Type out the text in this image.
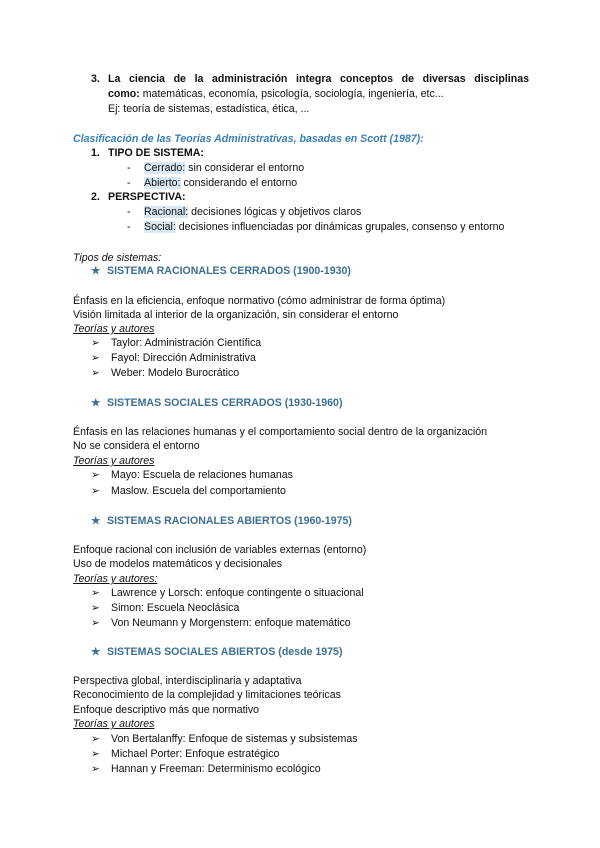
3. La ciencia de la administración integra conceptos de diversas disciplinas
como: matemáticas, economía, psicología, sociología, ingeniería, etc...
Ej: teoría de sistemas, estadística, ética, ...
Clasificación de las Teorías Administrativas, basadas en Scott (1987):
1. TIPO DE SISTEMA:
- Cerrado: sin considerar el entorno
- Abierto: considerando el entorno
2. PERSPECTIVA:
- Racional: decisiones lógicas y objetivos claros
- Social: decisiones influenciadas por dinámicas grupales, consenso y entorno
Tipos de sistemas:
★ SISTEMA RACIONALES CERRADOS (1900-1930)
Énfasis en la eficiencia, enfoque normativo (cómo administrar de forma óptima)
Visión limitada al interior de la organización, sin considerar el entorno
Teorías y autores
➢ Taylor: Administración Científica
➢ Fayol: Dirección Administrativa
➢ Weber: Modelo Burocrático
★ SISTEMAS SOCIALES CERRADOS (1930-1960)
Énfasis en las relaciones humanas y el comportamiento social dentro de la organización
No se considera el entorno
Teorías y autores
➢ Mayo: Escuela de relaciones humanas
➢ Maslow. Escuela del comportamiento
★ SISTEMAS RACIONALES ABIERTOS (1960-1975)
Enfoque racional con inclusión de variables externas (entorno)
Uso de modelos matemáticos y decisionales
Teorías y autores:
➢ Lawrence y Lorsch: enfoque contingente o situacional
➢ Simon: Escuela Neoclásica
➢ Von Neumann y Morgenstern: enfoque matemático
★ SISTEMAS SOCIALES ABIERTOS (desde 1975)
Perspectiva global, interdisciplinaria y adaptativa
Reconocimiento de la complejidad y limitaciones teóricas
Enfoque descriptivo más que normativo
Teorías y autores
➢ Von Bertalanffy: Enfoque de sistemas y subsistemas
➢ Michael Porter: Enfoque estratégico
➢ Hannan y Freeman: Determinismo ecológico
